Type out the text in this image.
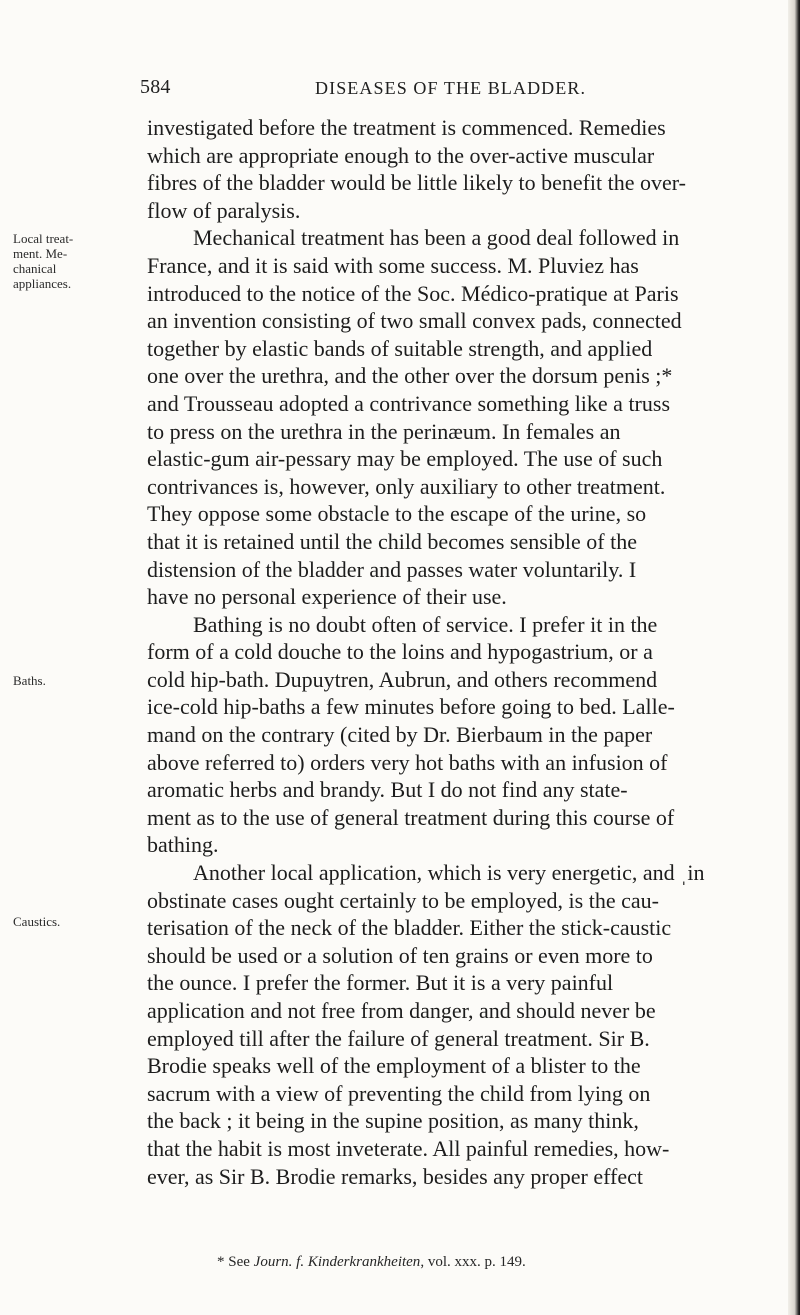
584	DISEASES OF THE BLADDER.
Local treat-
ment. Me-
chanical
appliances.
Baths.
Caustics.
investigated before the treatment is commenced. Remedies
which are appropriate enough to the over-active muscular
fibres of the bladder would be little likely to benefit the over-
flow of paralysis.
Mechanical treatment has been a good deal followed in
France, and it is said with some success. M. Pluviez has
introduced to the notice of the Soc. Médico-pratique at Paris
an invention consisting of two small convex pads, connected
together by elastic bands of suitable strength, and applied
one over the urethra, and the other over the dorsum penis ;*
and Trousseau adopted a contrivance something like a truss
to press on the urethra in the perinæum. In females an
elastic-gum air-pessary may be employed. The use of such
contrivances is, however, only auxiliary to other treatment.
They oppose some obstacle to the escape of the urine, so
that it is retained until the child becomes sensible of the
distension of the bladder and passes water voluntarily. I
have no personal experience of their use.
Bathing is no doubt often of service. I prefer it in the
form of a cold douche to the loins and hypogastrium, or a
cold hip-bath. Dupuytren, Aubrun, and others recommend
ice-cold hip-baths a few minutes before going to bed. Lalle-
mand on the contrary (cited by Dr. Bierbaum in the paper
above referred to) orders very hot baths with an infusion of
aromatic herbs and brandy. But I do not find any state-
ment as to the use of general treatment during this course of
bathing.
Another local application, which is very energetic, and ˌin
obstinate cases ought certainly to be employed, is the cau-
terisation of the neck of the bladder. Either the stick-caustic
should be used or a solution of ten grains or even more to
the ounce. I prefer the former. But it is a very painful
application and not free from danger, and should never be
employed till after the failure of general treatment. Sir B.
Brodie speaks well of the employment of a blister to the
sacrum with a view of preventing the child from lying on
the back ; it being in the supine position, as many think,
that the habit is most inveterate. All painful remedies, how-
ever, as Sir B. Brodie remarks, besides any proper effect
* See Journ. f. Kinderkrankheiten, vol. xxx. p. 149.
